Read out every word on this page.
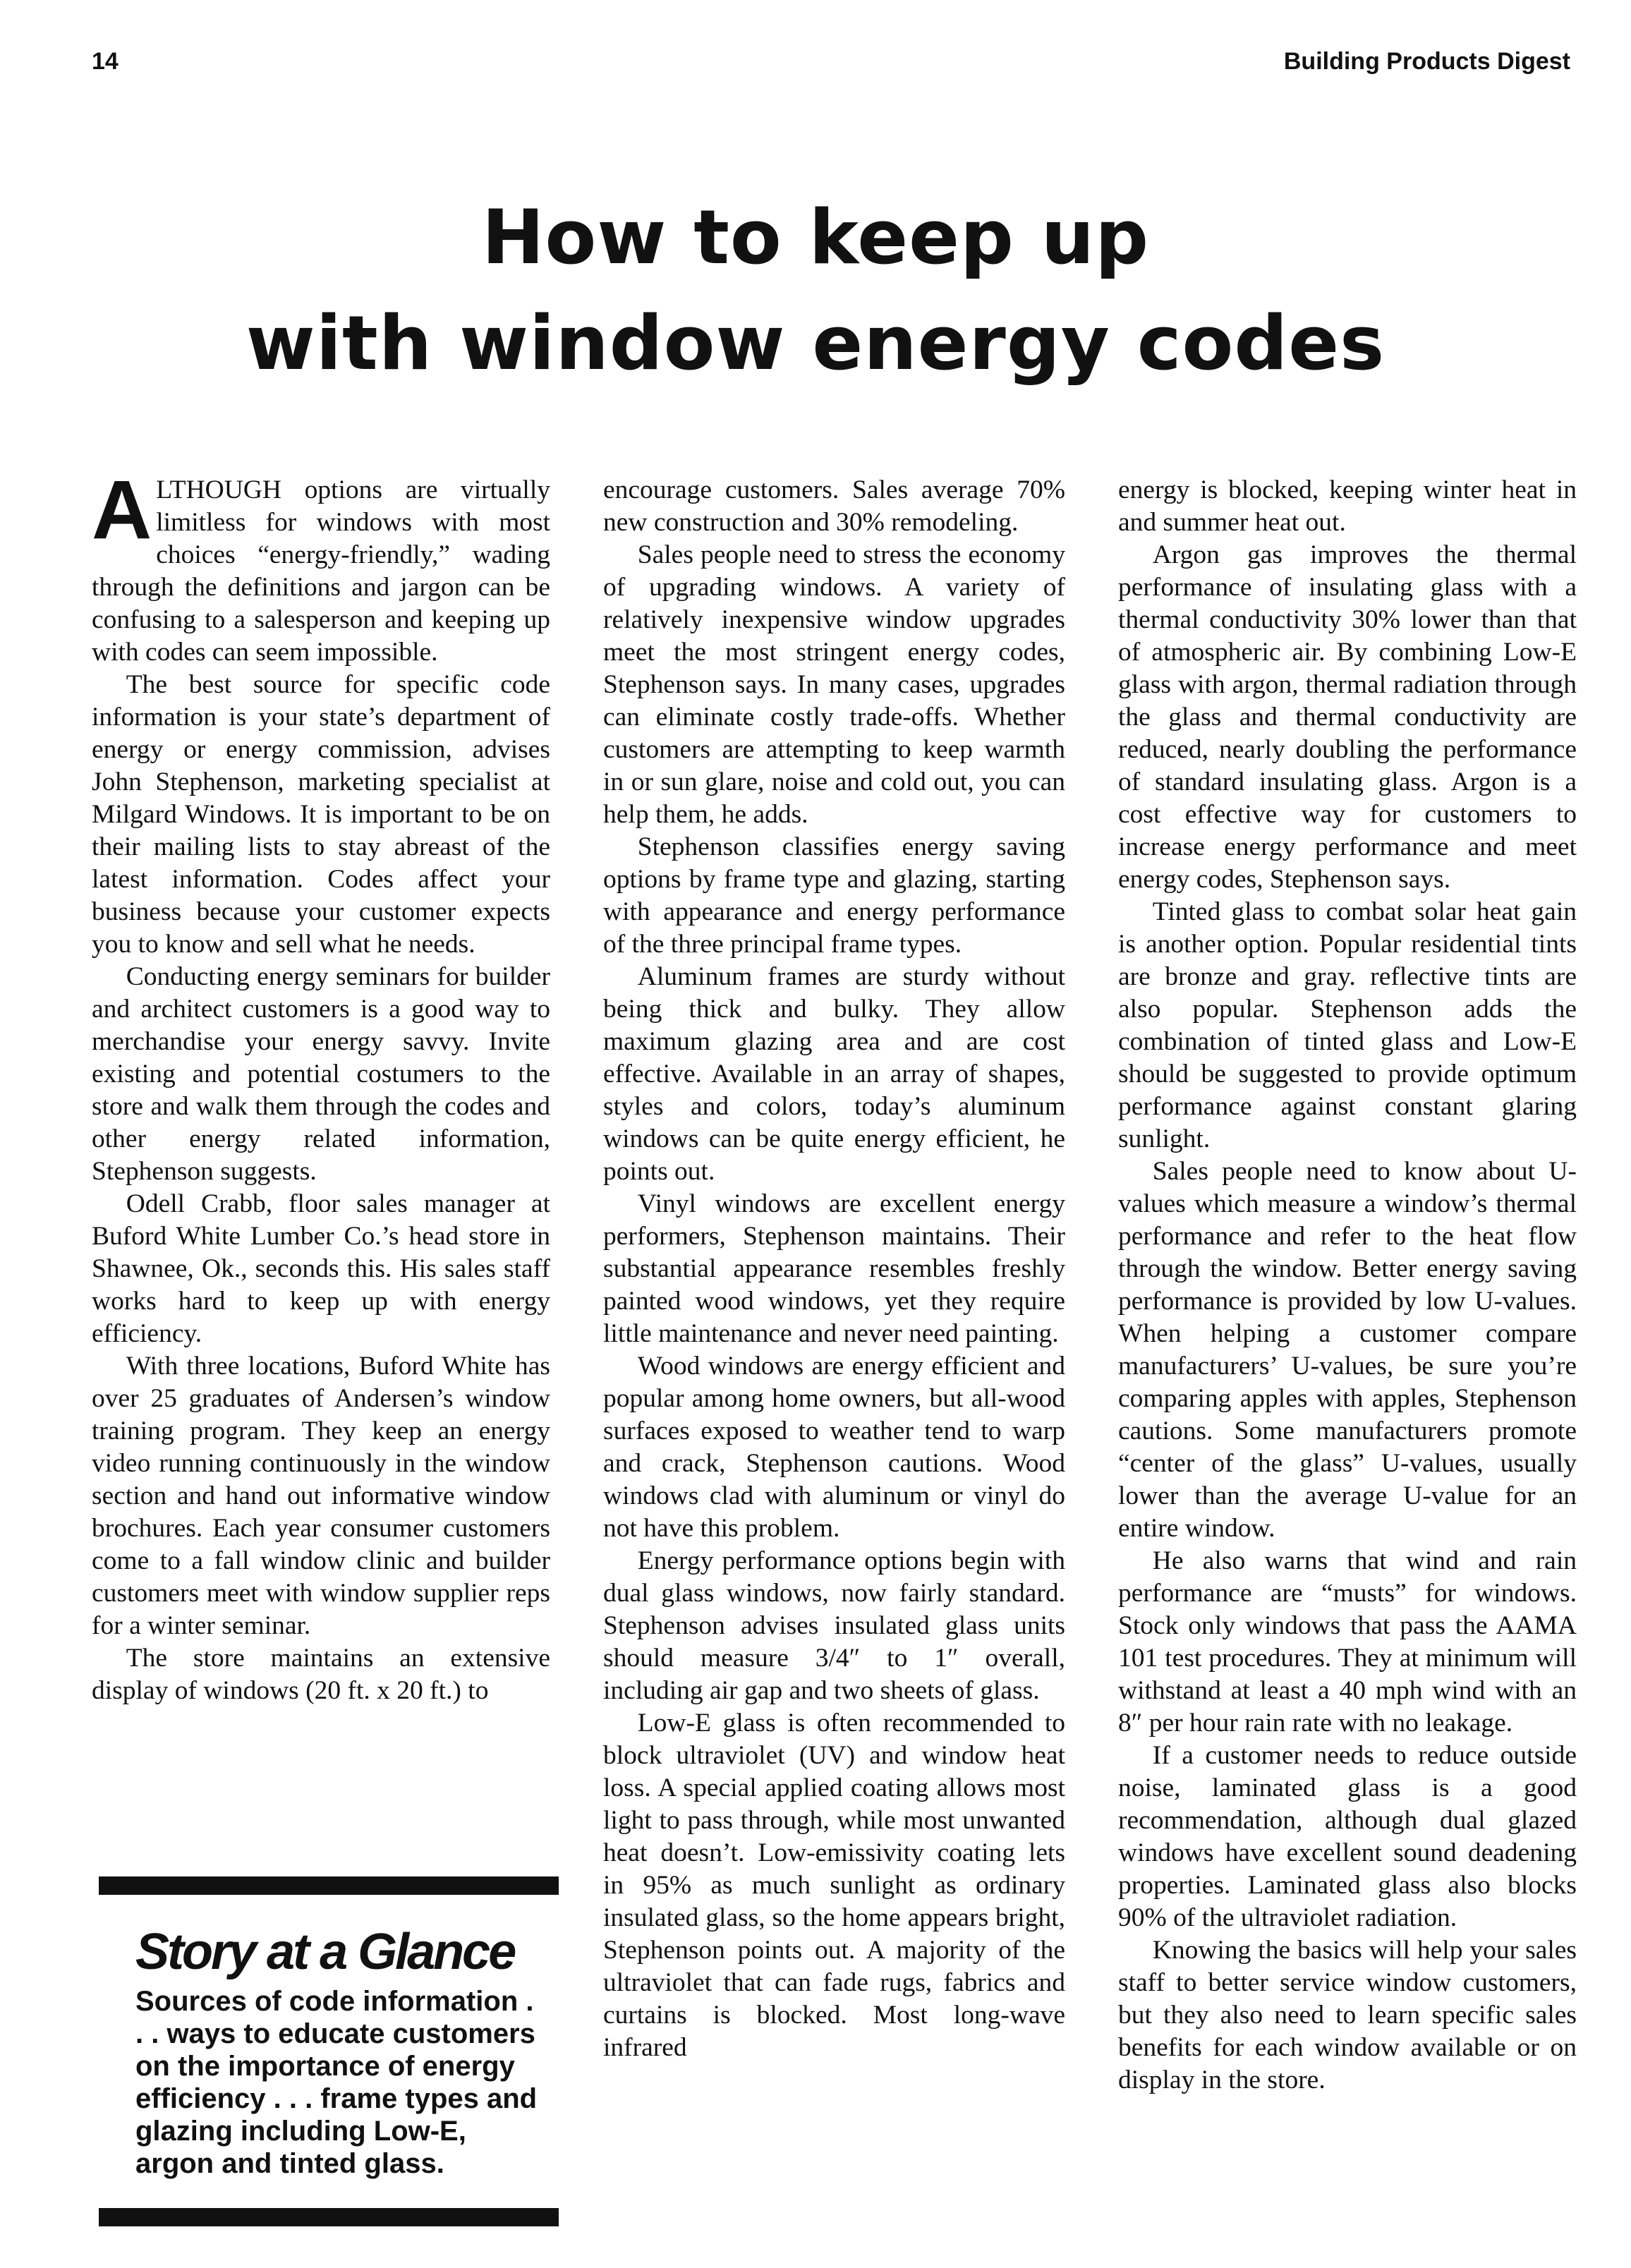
14	Building Products Digest
How to keep up
with window energy codes

ALTHOUGH options are virtually limitless for windows with most choices “energy-friendly,” wading through the definitions and jargon can be confusing to a salesperson and keeping up with codes can seem impossible.

The best source for specific code information is your state’s department of energy or energy commission, advises John Stephenson, marketing specialist at Milgard Windows. It is important to be on their mailing lists to stay abreast of the latest information. Codes affect your business because your customer expects you to know and sell what he needs.

Conducting energy seminars for builder and architect customers is a good way to merchandise your energy savvy. Invite existing and potential costumers to the store and walk them through the codes and other energy related information, Stephenson suggests.

Odell Crabb, floor sales manager at Buford White Lumber Co.’s head store in Shawnee, Ok., seconds this. His sales staff works hard to keep up with energy efficiency.

With three locations, Buford White has over 25 graduates of Andersen’s window training program. They keep an energy video running continuously in the window section and hand out informative window brochures. Each year consumer customers come to a fall window clinic and builder customers meet with window supplier reps for a winter seminar.

The store maintains an extensive display of windows (20 ft. x 20 ft.) to

encourage customers. Sales average 70% new construction and 30% remodeling.

Sales people need to stress the economy of upgrading windows. A variety of relatively inexpensive window upgrades meet the most stringent energy codes, Stephenson says. In many cases, upgrades can eliminate costly trade-offs. Whether customers are attempting to keep warmth in or sun glare, noise and cold out, you can help them, he adds.

Stephenson classifies energy saving options by frame type and glazing, starting with appearance and energy performance of the three principal frame types.

Aluminum frames are sturdy without being thick and bulky. They allow maximum glazing area and are cost effective. Available in an array of shapes, styles and colors, today’s aluminum windows can be quite energy efficient, he points out.

Vinyl windows are excellent energy performers, Stephenson maintains. Their substantial appearance resembles freshly painted wood windows, yet they require little maintenance and never need painting.

Wood windows are energy efficient and popular among home owners, but all-wood surfaces exposed to weather tend to warp and crack, Stephenson cautions. Wood windows clad with aluminum or vinyl do not have this problem.

Energy performance options begin with dual glass windows, now fairly standard. Stephenson advises insulated glass units should measure 3/4″ to 1″ overall, including air gap and two sheets of glass.

Low-E glass is often recommended to block ultraviolet (UV) and window heat loss. A special applied coating allows most light to pass through, while most unwanted heat doesn’t. Low-emissivity coating lets in 95% as much sunlight as ordinary insulated glass, so the home appears bright, Stephenson points out. A majority of the ultraviolet that can fade rugs, fabrics and curtains is blocked. Most long-wave infrared

energy is blocked, keeping winter heat in and summer heat out.

Argon gas improves the thermal performance of insulating glass with a thermal conductivity 30% lower than that of atmospheric air. By combining Low-E glass with argon, thermal radiation through the glass and thermal conductivity are reduced, nearly doubling the performance of standard insulating glass. Argon is a cost effective way for customers to increase energy performance and meet energy codes, Stephenson says.

Tinted glass to combat solar heat gain is another option. Popular residential tints are bronze and gray. reflective tints are also popular. Stephenson adds the combination of tinted glass and Low-E should be suggested to provide optimum performance against constant glaring sunlight.

Sales people need to know about U-values which measure a window’s thermal performance and refer to the heat flow through the window. Better energy saving performance is provided by low U-values. When helping a customer compare manufacturers’ U-values, be sure you’re comparing apples with apples, Stephenson cautions. Some manufacturers promote “center of the glass” U-values, usually lower than the average U-value for an entire window.

He also warns that wind and rain performance are “musts” for windows. Stock only windows that pass the AAMA 101 test procedures. They at minimum will withstand at least a 40 mph wind with an 8″ per hour rain rate with no leakage.

If a customer needs to reduce outside noise, laminated glass is a good recommendation, although dual glazed windows have excellent sound deadening properties. Laminated glass also blocks 90% of the ultraviolet radiation.

Knowing the basics will help your sales staff to better service window customers, but they also need to learn specific sales benefits for each window available or on display in the store.

Story at a Glance
Sources of code information . . . ways to educate customers on the importance of energy efficiency . . . frame types and glazing including Low-E, argon and tinted glass.
